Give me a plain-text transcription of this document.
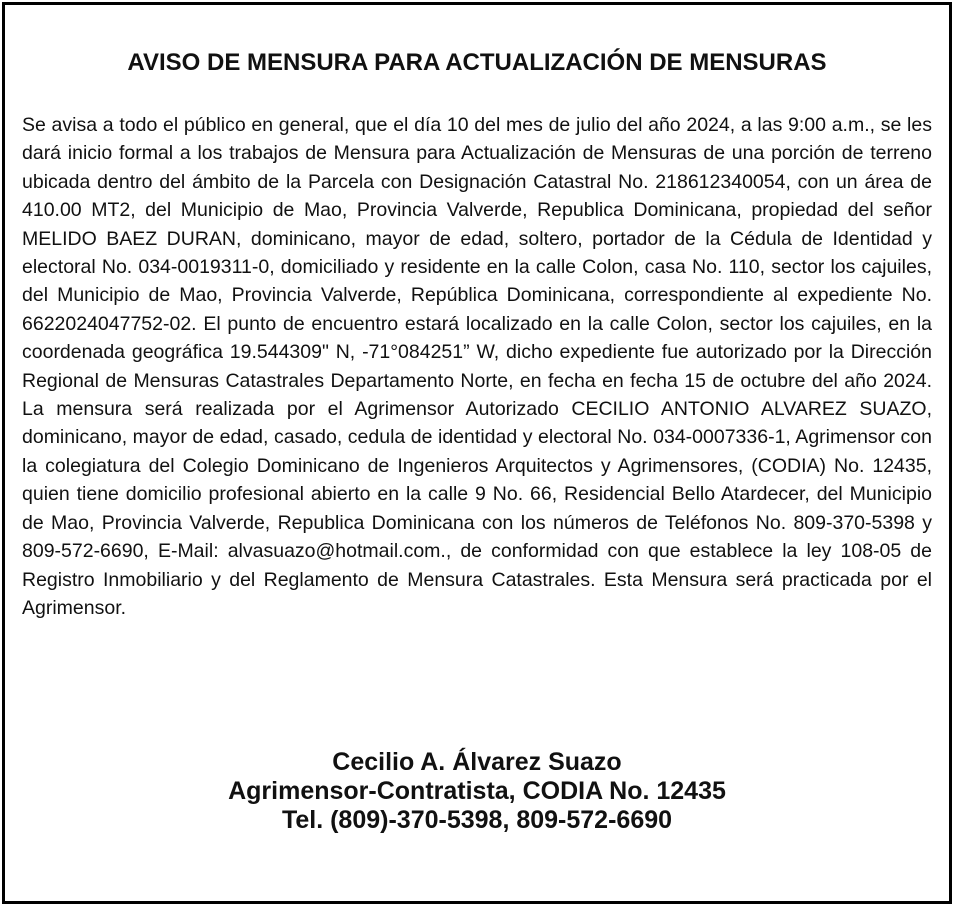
AVISO DE MENSURA PARA ACTUALIZACIÓN DE MENSURAS

Se avisa a todo el público en general, que el día 10 del mes de julio del año 2024, a las 9:00 a.m., se les dará inicio formal a los trabajos de Mensura para Actualización de Mensuras de una porción de terreno ubicada dentro del ámbito de la Parcela con Designación Catastral No. 218612340054, con un área de 410.00 MT2, del Municipio de Mao, Provincia Valverde, Republica Dominicana, propiedad del señor MELIDO BAEZ DURAN, dominicano, mayor de edad, soltero, portador de la Cédula de Identidad y electoral No. 034-0019311-0, domiciliado y residente en la calle Colon, casa No. 110, sector los cajuiles, del Municipio de Mao, Provincia Valverde, República Dominicana, correspondiente al expediente No. 6622024047752-02. El punto de encuentro estará localizado en la calle Colon, sector los cajuiles, en la coordenada geográfica 19.544309" N, -71°084251” W, dicho expediente fue autorizado por la Dirección Regional de Mensuras Catastrales Departamento Norte, en fecha en fecha 15 de octubre del año 2024. La mensura será realizada por el Agrimensor Autorizado CECILIO ANTONIO ALVAREZ SUAZO, dominicano, mayor de edad, casado, cedula de identidad y electoral No. 034-0007336-1, Agrimensor con la colegiatura del Colegio Dominicano de Ingenieros Arquitectos y Agrimensores, (CODIA) No. 12435, quien tiene domicilio profesional abierto en la calle 9 No. 66, Residencial Bello Atardecer, del Municipio de Mao, Provincia Valverde, Republica Dominicana con los números de Teléfonos No. 809-370-5398 y 809-572-6690, E-Mail: alvasuazo@hotmail.com., de conformidad con que establece la ley 108-05 de Registro Inmobiliario y del Reglamento de Mensura Catastrales. Esta Mensura será practicada por el Agrimensor.

Cecilio A. Álvarez Suazo
Agrimensor-Contratista, CODIA No. 12435
Tel. (809)-370-5398, 809-572-6690
